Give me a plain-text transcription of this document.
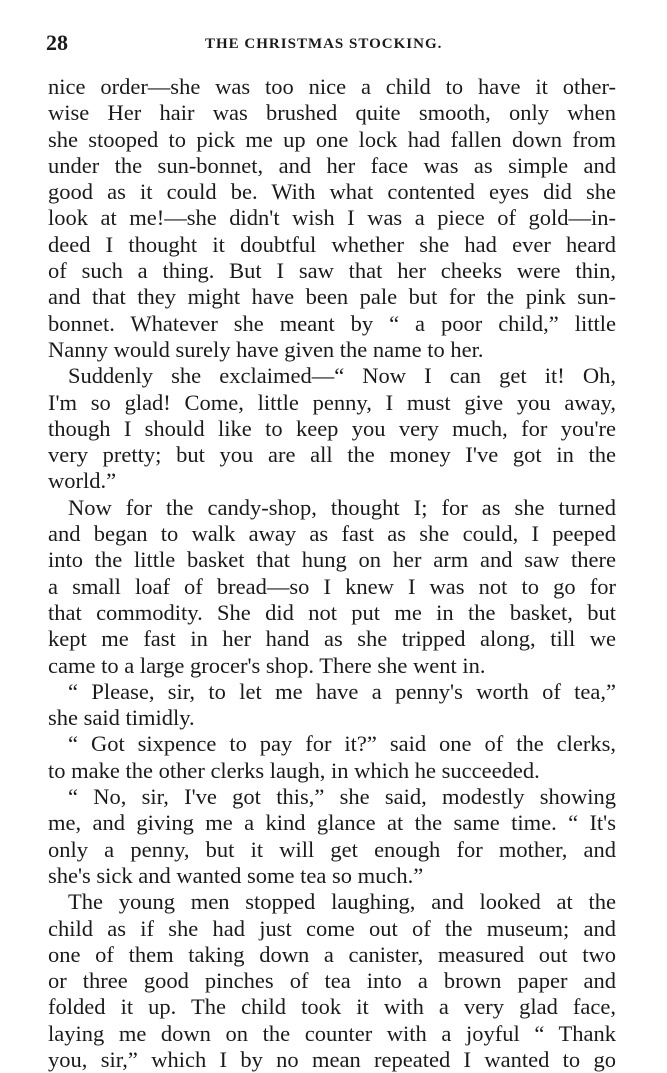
28	THE CHRISTMAS STOCKING.
nice order—she was too nice a child to have it other-
wise Her hair was brushed quite smooth, only when
she stooped to pick me up one lock had fallen down from
under the sun-bonnet, and her face was as simple and
good as it could be. With what contented eyes did she
look at me!—she didn't wish I was a piece of gold—in-
deed I thought it doubtful whether she had ever heard
of such a thing. But I saw that her cheeks were thin,
and that they might have been pale but for the pink sun-
bonnet. Whatever she meant by “ a poor child,” little
Nanny would surely have given the name to her.
Suddenly she exclaimed—“ Now I can get it! Oh,
I'm so glad! Come, little penny, I must give you away,
though I should like to keep you very much, for you're
very pretty; but you are all the money I've got in the
world.”
Now for the candy-shop, thought I; for as she turned
and began to walk away as fast as she could, I peeped
into the little basket that hung on her arm and saw there
a small loaf of bread—so I knew I was not to go for
that commodity. She did not put me in the basket, but
kept me fast in her hand as she tripped along, till we
came to a large grocer's shop. There she went in.
“ Please, sir, to let me have a penny's worth of tea,”
she said timidly.
“ Got sixpence to pay for it?” said one of the clerks,
to make the other clerks laugh, in which he succeeded.
“ No, sir, I've got this,” she said, modestly showing
me, and giving me a kind glance at the same time. “ It's
only a penny, but it will get enough for mother, and
she's sick and wanted some tea so much.”
The young men stopped laughing, and looked at the
child as if she had just come out of the museum; and
one of them taking down a canister, measured out two
or three good pinches of tea into a brown paper and
folded it up. The child took it with a very glad face,
laying me down on the counter with a joyful “ Thank
you, sir,” which I by no mean repeated I wanted to go
